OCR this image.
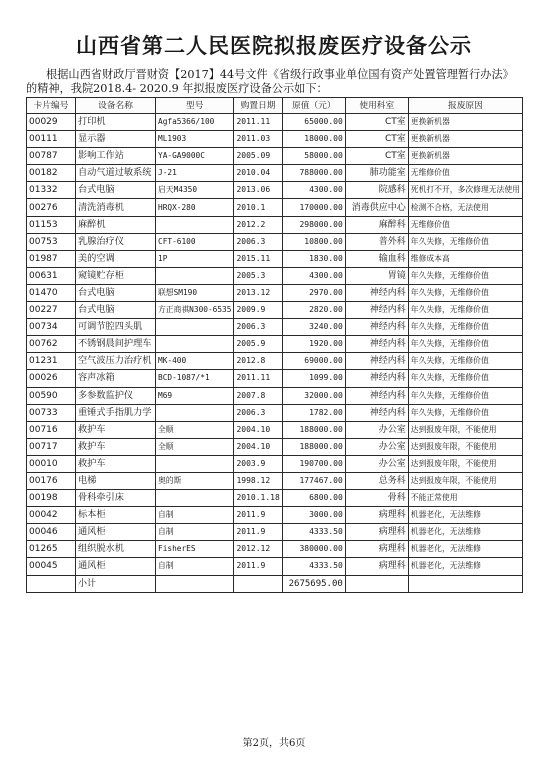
山西省第二人民医院拟报废医疗设备公示
根据山西省财政厅晋财资【2017】44号文件《省级行政事业单位国有资产处置管理暂行办法》的精神，我院2018.4- 2020.9 年拟报废医疗设备公示如下：
卡片编号	设备名称	型号	购置日期	原值（元）	使用科室	报废原因
00029	打印机	Agfa5366/100	2011.11	65000.00	CT室	更换新机器
00111	显示器	ML1903	2011.03	18000.00	CT室	更换新机器
00787	影响工作站	YA-GA9000C	2005.09	58000.00	CT室	更换新机器
00182	自动气道过敏系统	J-21	2010.04	788000.00	肺功能室	无维修价值
01332	台式电脑	启天M4350	2013.06	4300.00	院感科	死机打不开，多次修理无法使用
00276	清洗消毒机	HRQX-280	2010.1	170000.00	消毒供应中心	检测不合格，无法使用
01153	麻醉机		2012.2	298000.00	麻醉科	无维修价值
00753	乳腺治疗仪	CFT-6100	2006.3	10800.00	普外科	年久失修，无维修价值
01987	美的空调	1P	2015.11	1830.00	输血科	维修成本高
00631	窥镜贮存柜		2005.3	4300.00	胃镜	年久失修，无维修价值
01470	台式电脑	联想SM190	2013.12	2970.00	神经内科	年久失修，无维修价值
00227	台式电脑	方正商祺N300-6535	2009.9	2820.00	神经内科	年久失修，无维修价值
00734	可调节腔四头肌		2006.3	3240.00	神经内科	年久失修，无维修价值
00762	不锈钢晨间护理车		2005.9	1920.00	神经内科	年久失修，无维修价值
01231	空气波压力治疗机	MK-400	2012.8	69000.00	神经内科	年久失修，无维修价值
00026	容声冰箱	BCD-1087/*1	2011.11	1099.00	神经内科	年久失修，无维修价值
00590	多参数监护仪	M69	2007.8	32000.00	神经内科	年久失修，无维修价值
00733	重锤式手指肌力学		2006.3	1782.00	神经内科	年久失修，无维修价值
00716	救护车	全顺	2004.10	188000.00	办公室	达到报废年限，不能使用
00717	救护车	全顺	2004.10	188000.00	办公室	达到报废年限，不能使用
00010	救护车		2003.9	190700.00	办公室	达到报废年限，不能使用
00176	电梯	奥的斯	1998.12	177467.00	总务科	达到报废年限，不能使用
00198	骨科牵引床		2010.1.18	6800.00	骨科	不能正常使用
00042	标本柜	自制	2011.9	3000.00	病理科	机器老化，无法维修
00046	通风柜	自制	2011.9	4333.50	病理科	机器老化，无法维修
01265	组织脱水机	FisherES	2012.12	380000.00	病理科	机器老化，无法维修
00045	通风柜	自制	2011.9	4333.50	病理科	机器老化，无法维修
	小计			2675695.00		
第2页，共6页
